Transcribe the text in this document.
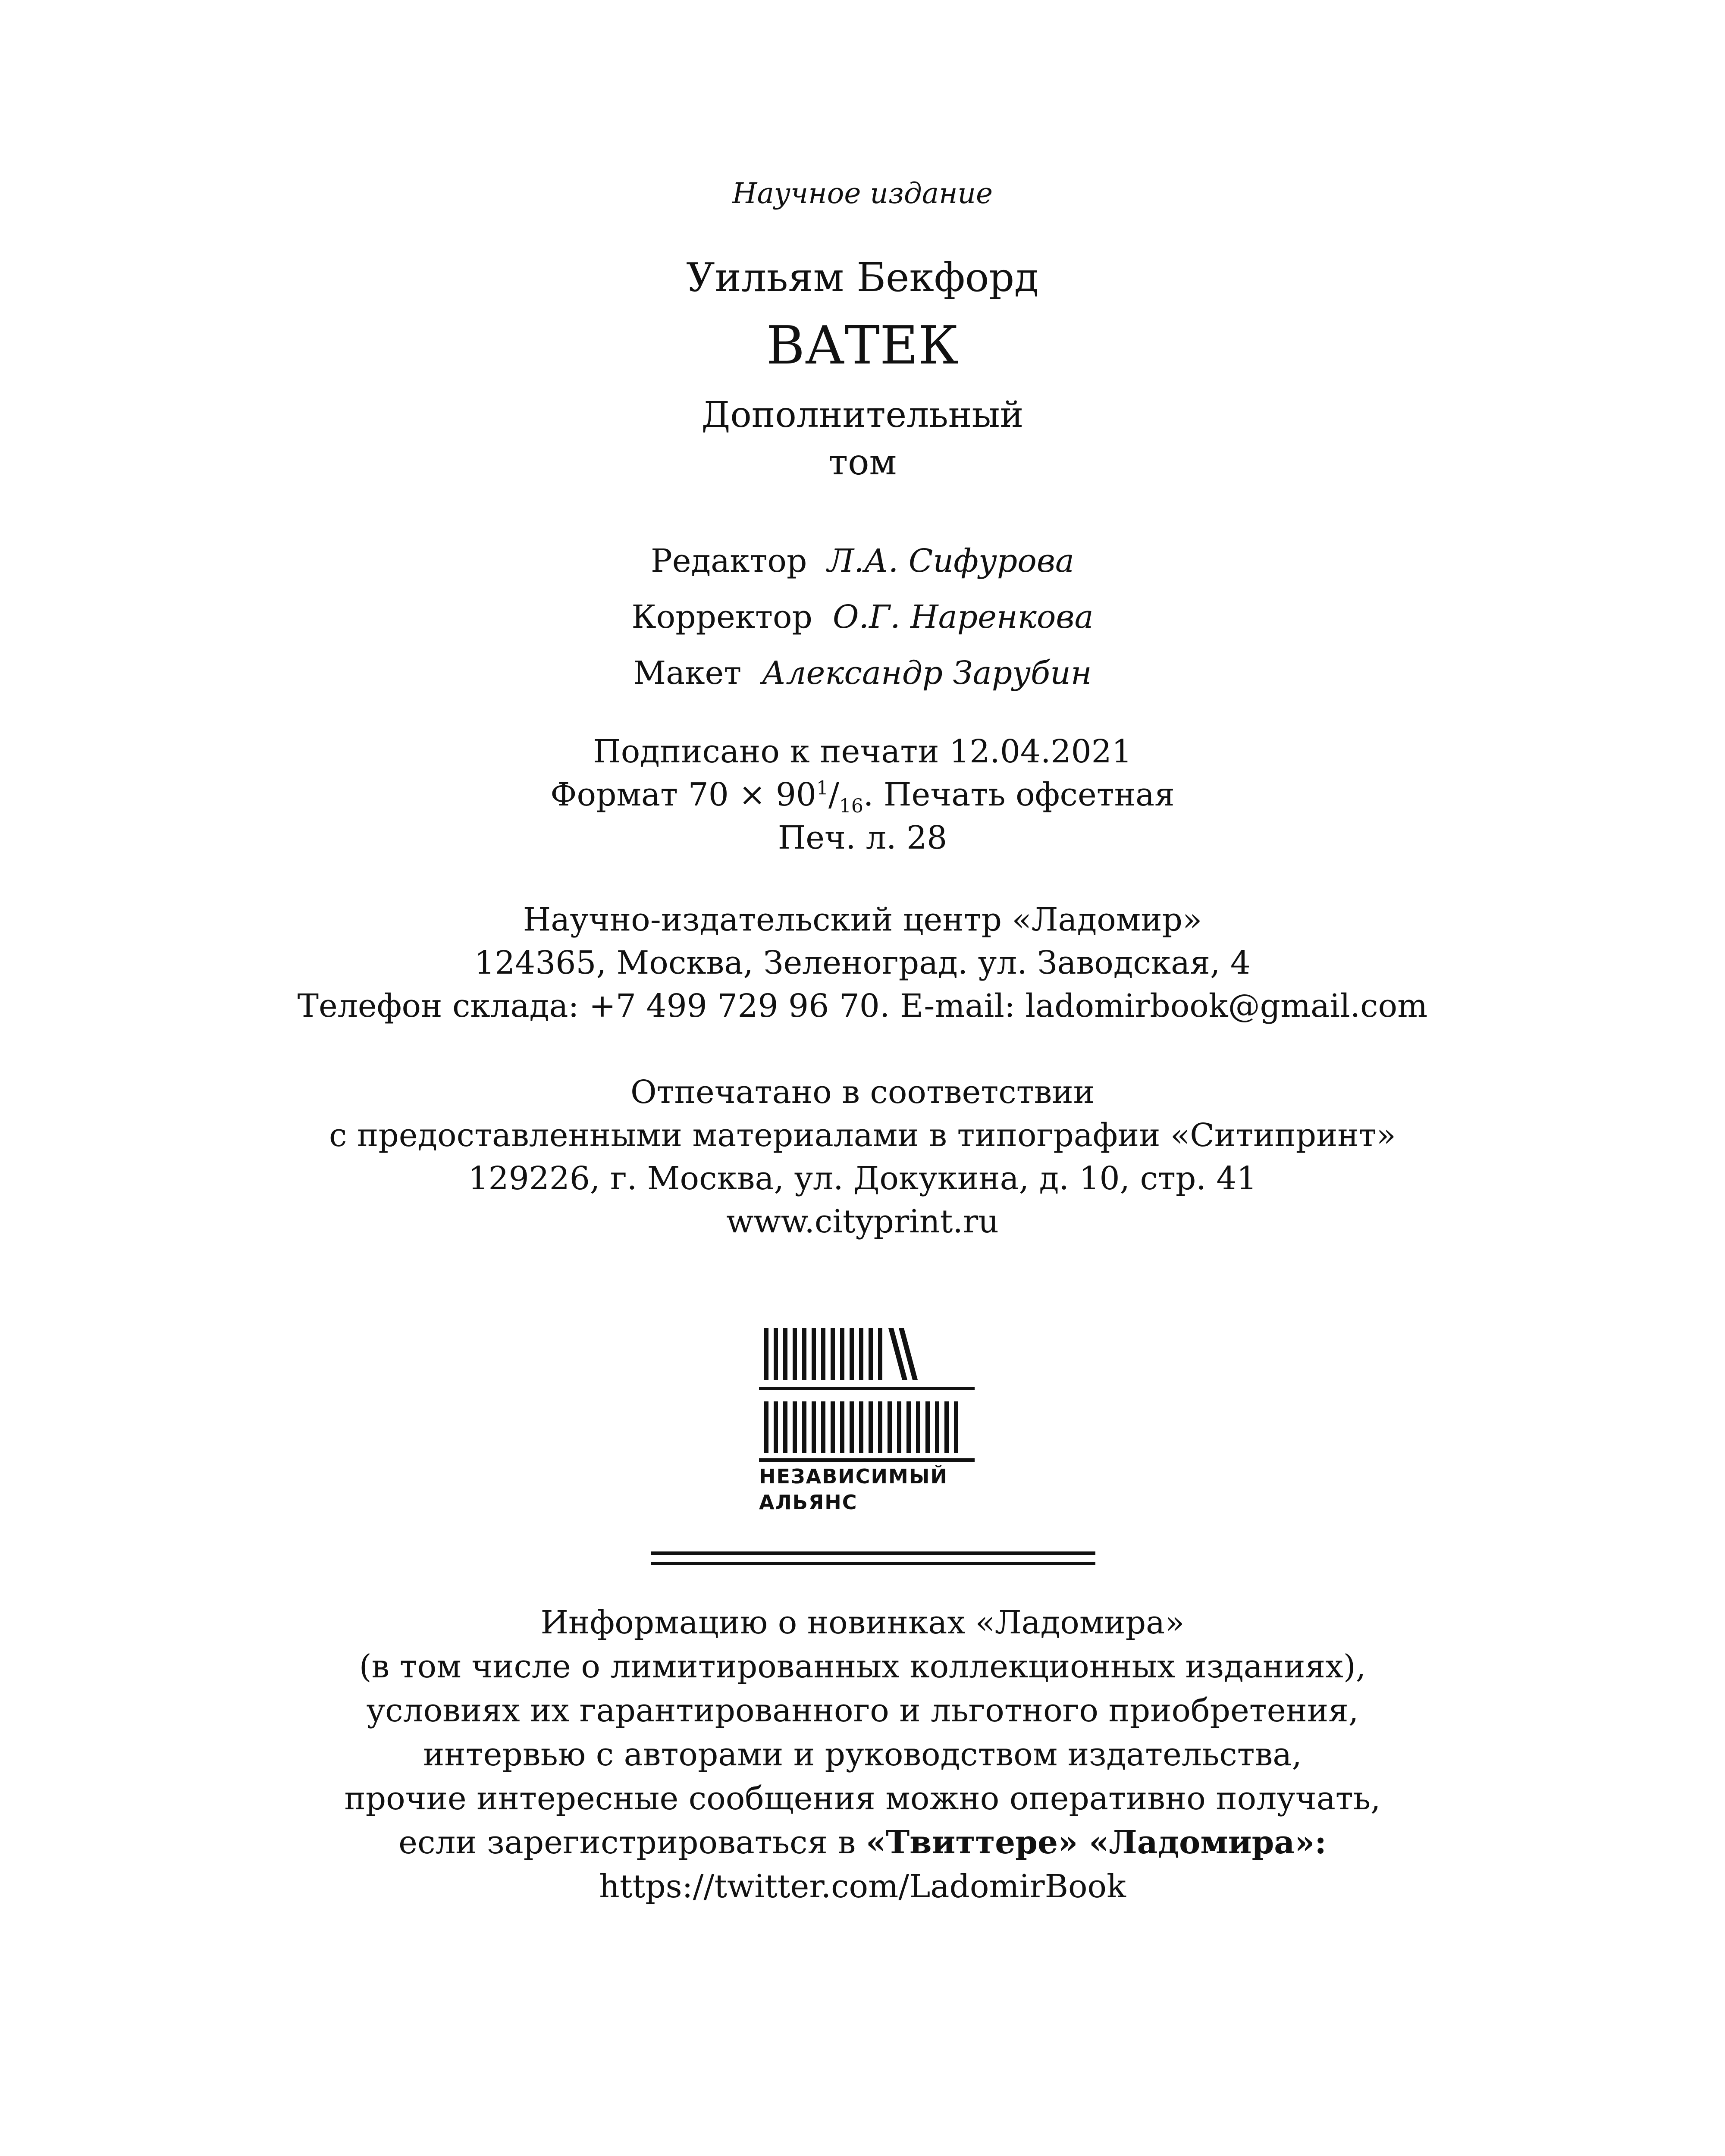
Научное издание
Уильям Бекфорд
ВАТЕК
Дополнительный
том
Редактор Л.А. Сифурова
Корректор О.Г. Наренкова
Макет Александр Зарубин
Подписано к печати 12.04.2021
Формат $70 \times 90^1/_{16}$. Печать офсетная
Печ. л. 28
Научно-издательский центр «Ладомир»
124365, Москва, Зеленоград. ул. Заводская, 4
Телефон склада: +7 499 729 96 70. E-mail: ladomirbook@gmail.com
Отпечатано в соответствии
с предоставленными материалами в типографии «Ситипринт»
129226, г. Москва, ул. Докукина, д. 10, стр. 41
www.cityprint.ru
НЕЗАВИСИМЫЙ
АЛЬЯНС
Информацию о новинках «Ладомира»
(в том числе о лимитированных коллекционных изданиях),
условиях их гарантированного и льготного приобретения,
интервью с авторами и руководством издательства,
прочие интересные сообщения можно оперативно получать,
если зарегистрироваться в «Твиттере» «Ладомира»:
https://twitter.com/LadomirBook
